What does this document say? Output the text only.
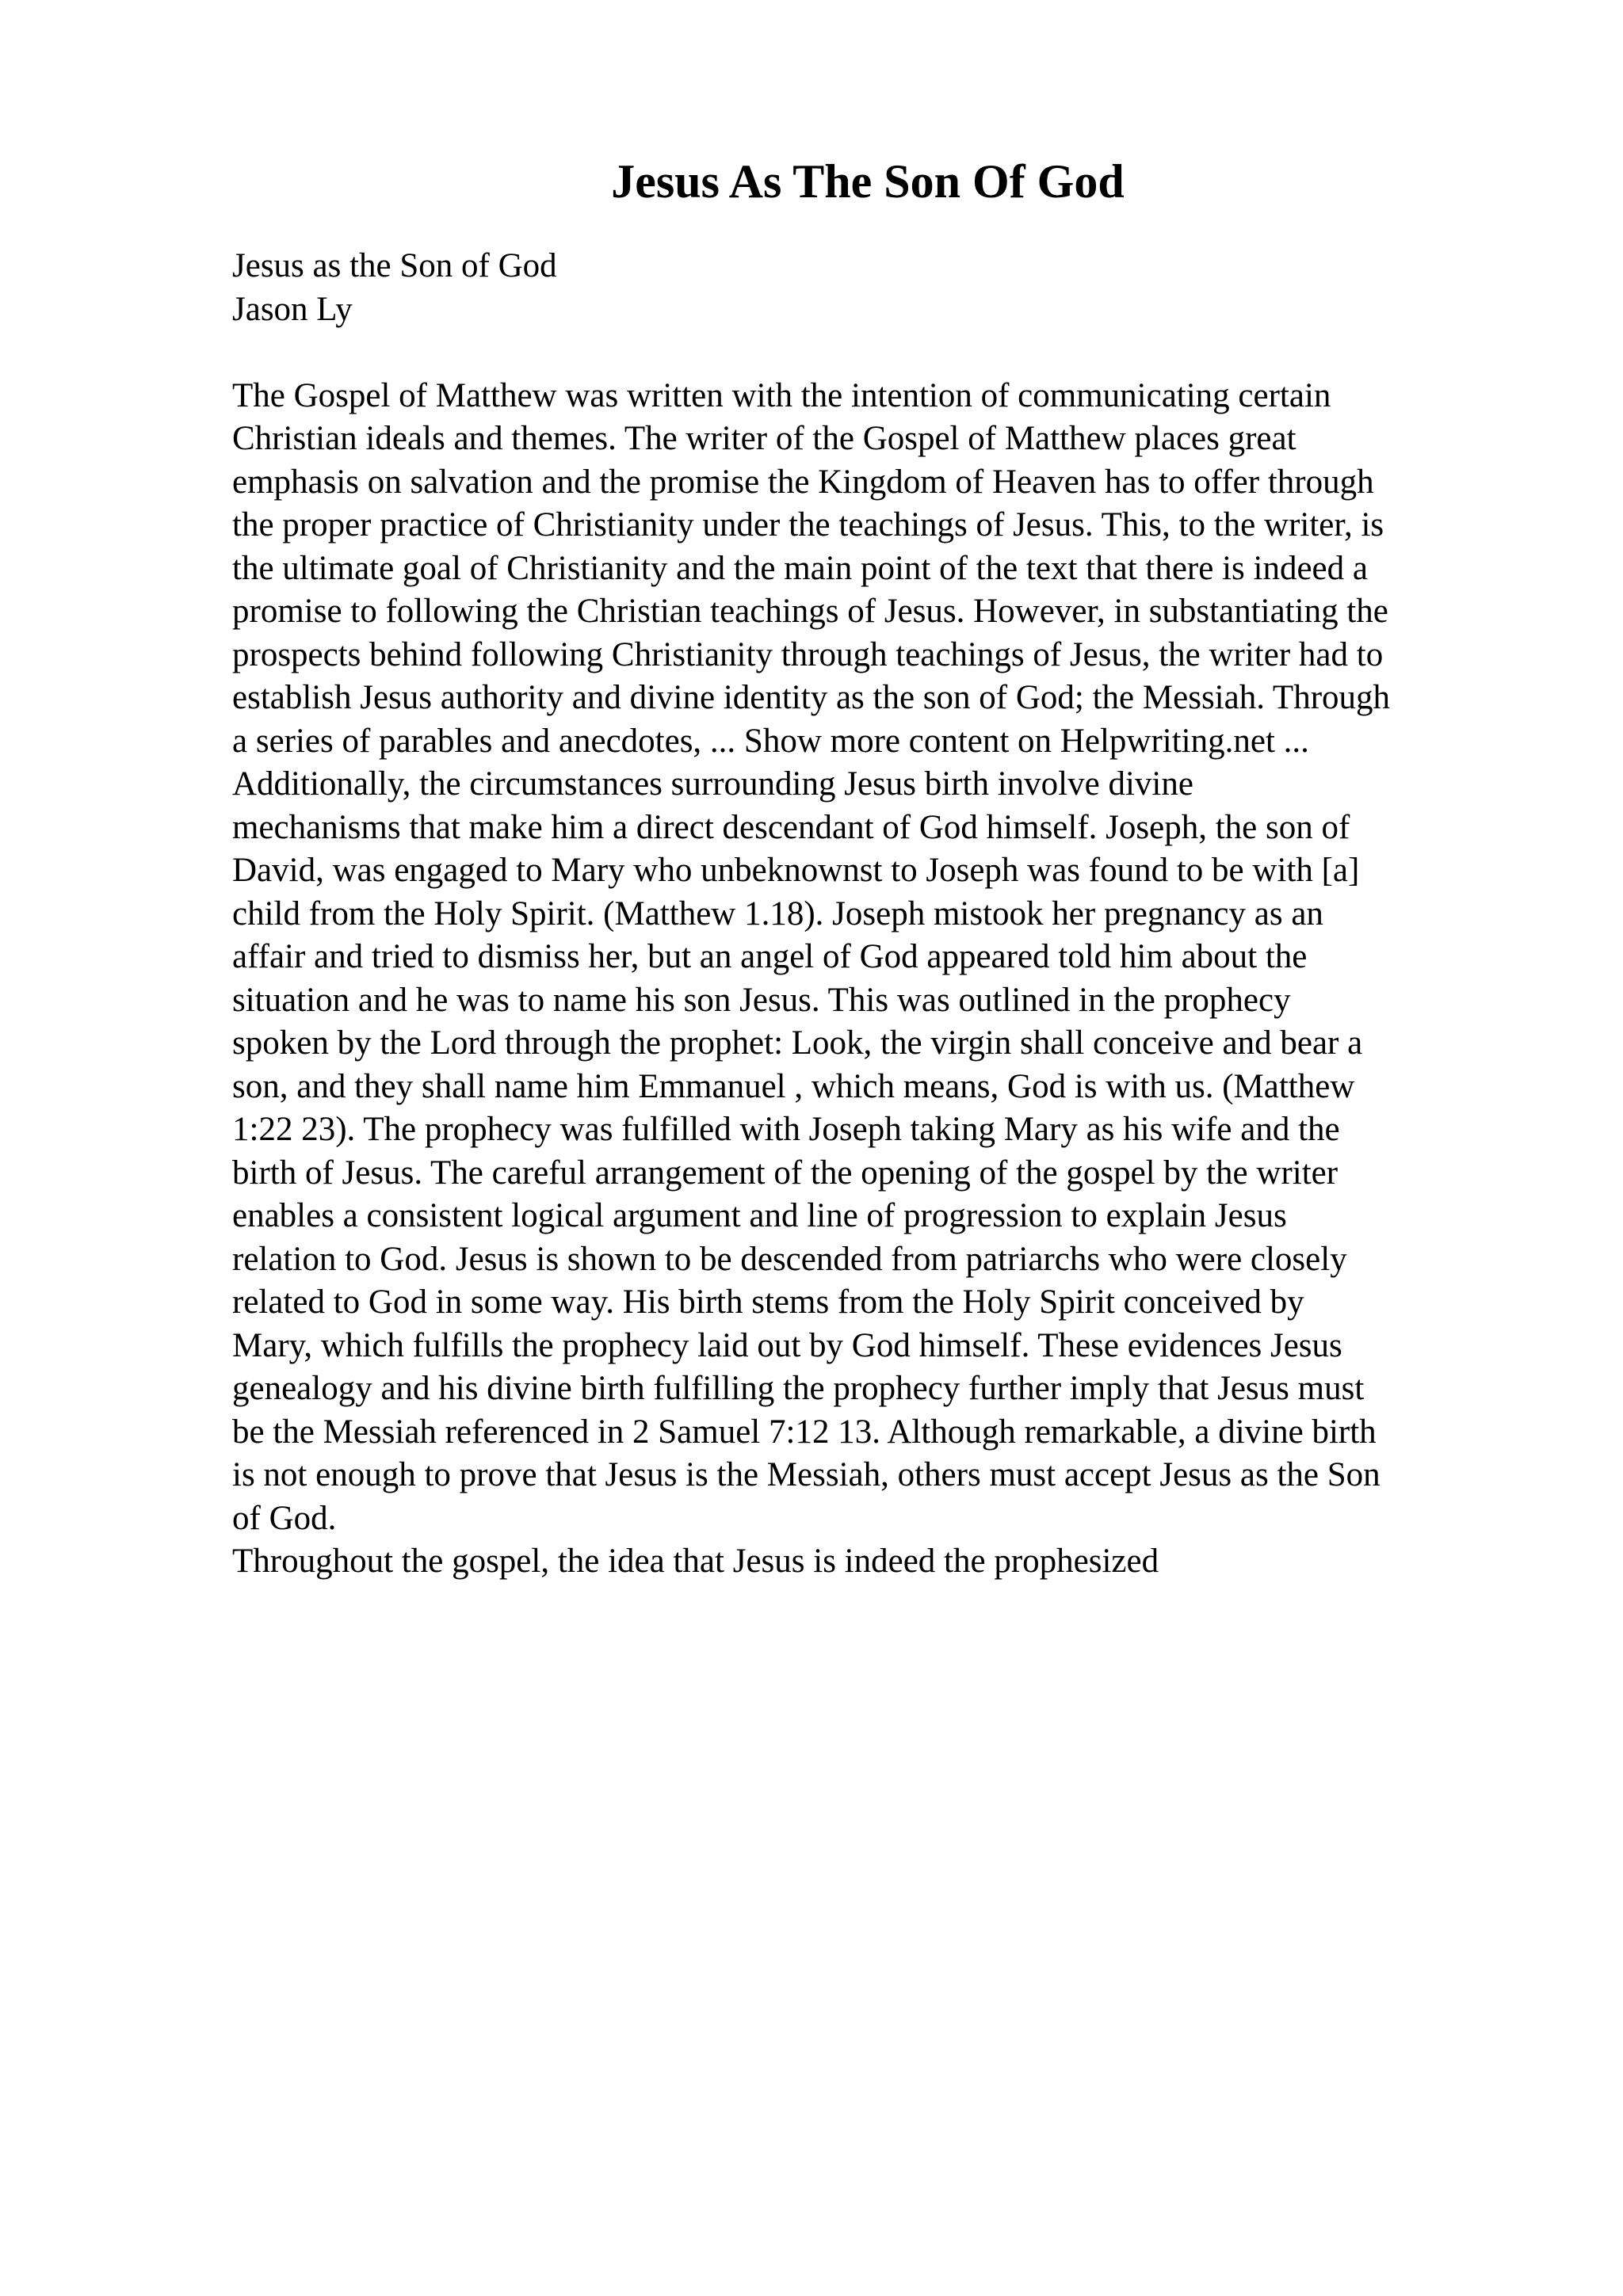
Jesus As The Son Of God
Jesus as the Son of God
Jason Ly
The Gospel of Matthew was written with the intention of communicating certain
Christian ideals and themes. The writer of the Gospel of Matthew places great
emphasis on salvation and the promise the Kingdom of Heaven has to offer through
the proper practice of Christianity under the teachings of Jesus. This, to the writer, is
the ultimate goal of Christianity and the main point of the text that there is indeed a
promise to following the Christian teachings of Jesus. However, in substantiating the
prospects behind following Christianity through teachings of Jesus, the writer had to
establish Jesus authority and divine identity as the son of God; the Messiah. Through
a series of parables and anecdotes, ... Show more content on Helpwriting.net ...
Additionally, the circumstances surrounding Jesus birth involve divine
mechanisms that make him a direct descendant of God himself. Joseph, the son of
David, was engaged to Mary who unbeknownst to Joseph was found to be with [a]
child from the Holy Spirit. (Matthew 1.18). Joseph mistook her pregnancy as an
affair and tried to dismiss her, but an angel of God appeared told him about the
situation and he was to name his son Jesus. This was outlined in the prophecy
spoken by the Lord through the prophet: Look, the virgin shall conceive and bear a
son, and they shall name him Emmanuel , which means, God is with us. (Matthew
1:22 23). The prophecy was fulfilled with Joseph taking Mary as his wife and the
birth of Jesus. The careful arrangement of the opening of the gospel by the writer
enables a consistent logical argument and line of progression to explain Jesus
relation to God. Jesus is shown to be descended from patriarchs who were closely
related to God in some way. His birth stems from the Holy Spirit conceived by
Mary, which fulfills the prophecy laid out by God himself. These evidences Jesus
genealogy and his divine birth fulfilling the prophecy further imply that Jesus must
be the Messiah referenced in 2 Samuel 7:12 13. Although remarkable, a divine birth
is not enough to prove that Jesus is the Messiah, others must accept Jesus as the Son
of God.
Throughout the gospel, the idea that Jesus is indeed the prophesized
